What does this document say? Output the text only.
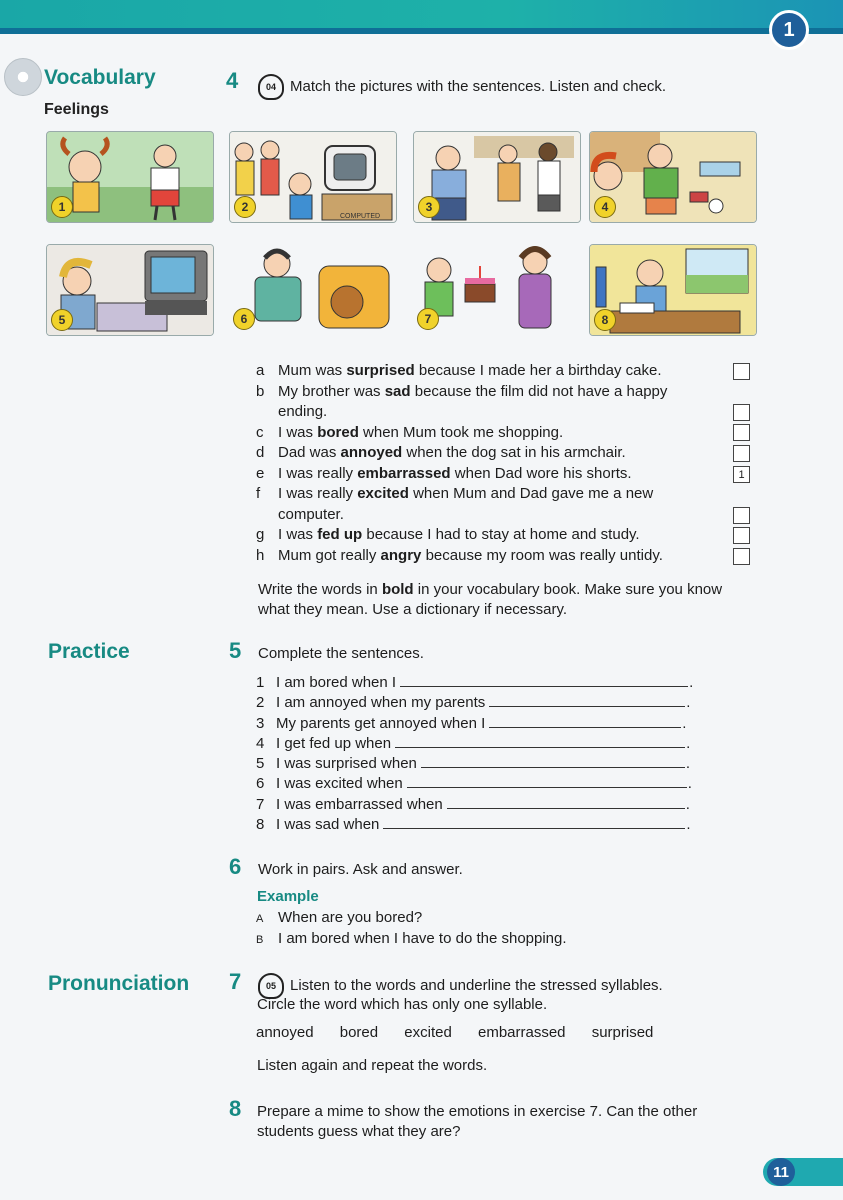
1
Vocabulary
Feelings
4	04 Match the pictures with the sentences. Listen and check.
1
COMPUTED
2	3	4
5	6	7	8
a Mum was surprised because I made her a birthday cake.
b My brother was sad because the film did not have a happy ending.
c I was bored when Mum took me shopping.
d Dad was annoyed when the dog sat in his armchair.
e I was really embarrassed when Dad wore his shorts.
f I was really excited when Mum and Dad gave me a new computer.
g I was fed up because I had to stay at home and study.
h Mum got really angry because my room was really untidy.
1
Write the words in bold in your vocabulary book. Make sure you know what they mean. Use a dictionary if necessary.
Practice	5 Complete the sentences.
1 I am bored when I	.
2 I am annoyed when my parents	.
3 My parents get annoyed when I	.
4 I get fed up when	.
5 I was surprised when	.
6 I was excited when	.
7 I was embarrassed when	.
8 I was sad when	.
6 Work in pairs. Ask and answer.
Example
A When are you bored?
B I am bored when I have to do the shopping.
Pronunciation 7	05 Listen to the words and underline the stressed syllables.
Circle the word which has only one syllable.
annoyed bored excited embarrassed surprised
Listen again and repeat the words.
8 Prepare a mime to show the emotions in exercise 7. Can the other students guess what they are?
11
